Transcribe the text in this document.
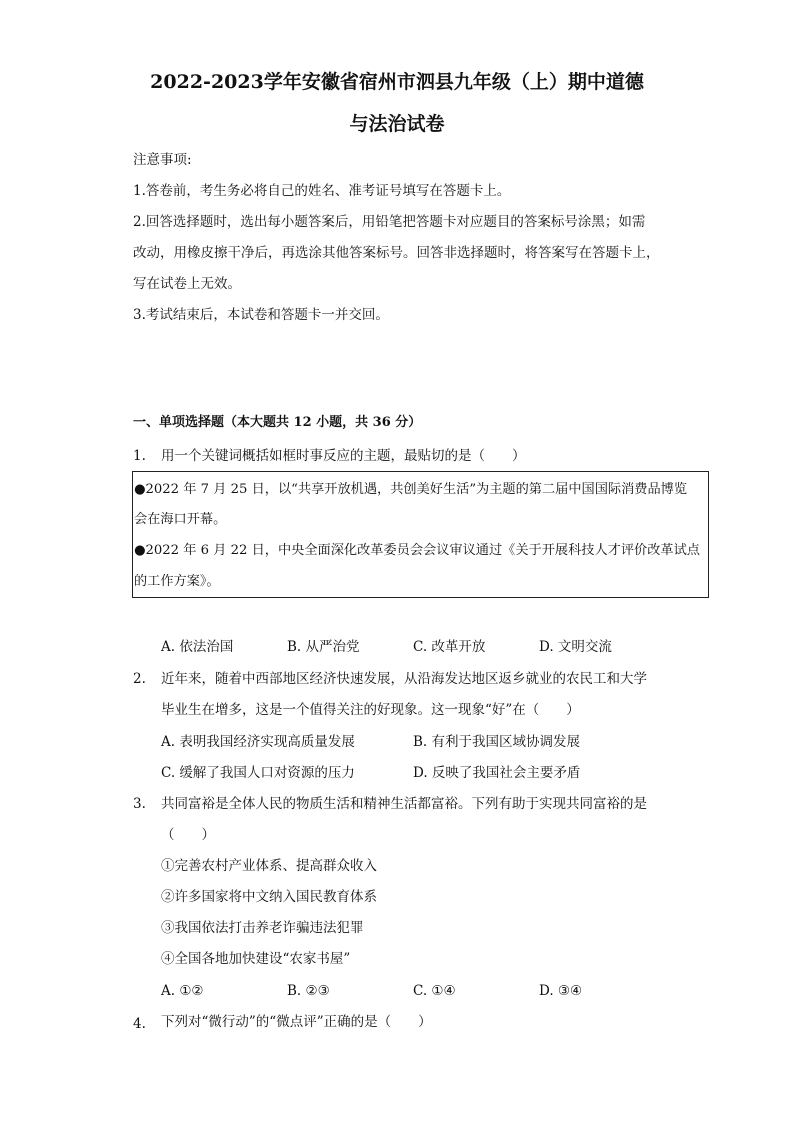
2022-2023学年安徽省宿州市泗县九年级（上）期中道德
与法治试卷
注意事项:
1.答卷前，考生务必将自己的姓名、准考证号填写在答题卡上。
2.回答选择题时，选出每小题答案后，用铅笔把答题卡对应题目的答案标号涂黑；如需
改动，用橡皮擦干净后，再选涂其他答案标号。回答非选择题时，将答案写在答题卡上，
写在试卷上无效。
3.考试结束后，本试卷和答题卡一并交回。
一、单项选择题（本大题共 12 小题，共 36 分）
1. 用一个关键词概括如框时事反应的主题，最贴切的是（　　）
●2022 年 7 月 25 日，以“共享开放机遇，共创美好生活”为主题的第二届中国国际消费品博览
会在海口开幕。
●2022 年 6 月 22 日，中央全面深化改革委员会会议审议通过《关于开展科技人才评价改革试点
的工作方案》。
A. 依法治国	B. 从严治党	C. 改革开放	D. 文明交流
2. 近年来，随着中西部地区经济快速发展，从沿海发达地区返乡就业的农民工和大学
毕业生在增多，这是一个值得关注的好现象。这一现象“好”在（　　）
A. 表明我国经济实现高质量发展	B. 有利于我国区域协调发展
C. 缓解了我国人口对资源的压力	D. 反映了我国社会主要矛盾
3. 共同富裕是全体人民的物质生活和精神生活都富裕。下列有助于实现共同富裕的是
（　　）
①完善农村产业体系、提高群众收入
②许多国家将中文纳入国民教育体系
③我国依法打击养老诈骗违法犯罪
④全国各地加快建设“农家书屋”
A. ①②	B. ②③	C. ①④	D. ③④
4. 下列对“微行动”的“微点评”正确的是（　　）
